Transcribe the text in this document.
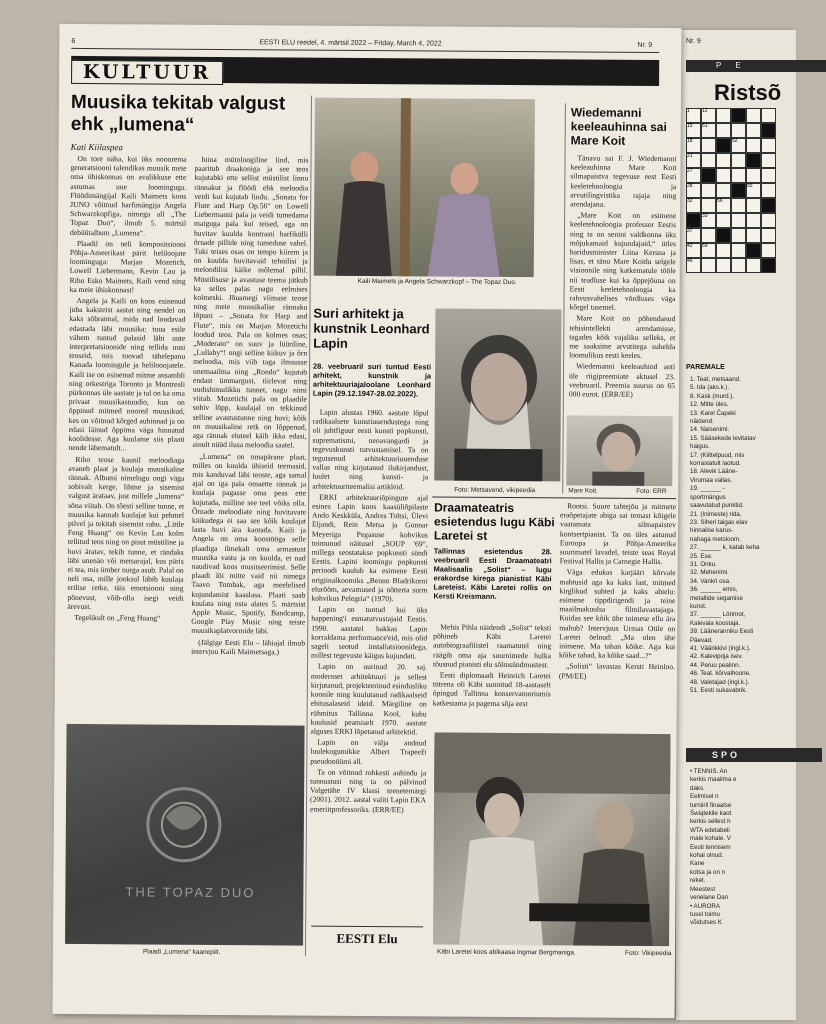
Nr. 9
P E
Ristsõ
1 12
15
18
21
27
28
32
33
37
42
46
51
52
55
56
59
PAREMALE
1. Teat, metsaand.
5. Ida (aks.k.).
8. Kask (murd.).
12. Mitte üles.
13. Karel Čapeki
näidend.
14. Naisenimi.
15. Sääsekede levitatav
haigus.
17. (Kiittelpuud, mis
korrastatult laotud.
18. Alevik Lääne-
Virumaa vallas.
19. ______ -
sportmängus
saavutatud punktid.
21. (Inimeste) rida.
23. Siheri taigas elav
hinnalise karus-
nahaga metsloom.
27. ______ k, katab keha
25. Ese.
31. Onku.
32. Mehenimi.
34. Vankri osa.
36. ______ emis,
metallide segamise
kunst.
37. ______ Lönnrot,
Kalevala koostaja.
39. Lääneranniku Eesti
Päevad.
41. Väärikkivi (ingl.k.).
42. Kalevipoja isev.
44. Peruu pealinn.
46. Teat. kõrvalhoone.
48. Valetajad (ingl.k.).
51. Eesti sukavabrik.
SPO
• TENNIS. An
kerkis maailma e
daks.
Eelmisel n
turniiril finaalse
Świątekile kaot
kerkis sellest h
WTA edetabeli
male kohale. V
Eesti tennisem
kohal olnud.
Kane
kotsa ja on n
reket.
Meestest
venelane Dan
• AURORA
tusel toimu
võidutses K
6	EESTI ELU reedel, 4. märtsil 2022 – Friday, March 4, 2022	Nr. 9
KULTUUR
Muusika tekitab valgust ehk „lumena“
Kati Kiilaspea

On tore näha, kui üks nooorema generatsiooni talendikas muusik meie oma ühiskonnas on avalikkuse ette astumas uue loominguga. Flöödimängijal Kaili Maimets koos JUNO võitnud harfimängija Angela Schwarzkopfiga, nimega all „The Topaz Duo“, ilmub 5. märtsil debüütalbum „Lumena“.

Plaadil on neli kompositsiooni Põhja-Ameerikast pärit heliloojate loominguga: Marjan Mozetich, Lowell Liebermann, Kevin Lau ja Riho Esko Maimets, Kaili vend ning ka meie ühiskonnast!

Angela ja Kaili on koos esinenud juba kaksteist aastat ning nendel on kaks sõbrannal, mida nad loodavad edastada läbi muusika: tuua esile vähem tuntud palasid läbi uute interpretatsioonide ning tellida uusi teoseid, mis toovad tähelepanu Kanada loomingule ja helilooojatele. Kaili ise on esinenud mitme ansambli ning orkestriga Toronto ja Montreali pürkonnas üle aastate ja tal on ka oma privaat muusikastuudio, kus on õppinud mitmed noored muusikud, kes on võitnud kõrged auhinnad ja on edasi läinud õppima väga hinnatud koolidesse. Aga kuulame siis plaati nende läbematult...

Riho teose kaunil meloodiaga avaneb plaat ja kuulaja muusikaline rännak. Albumi nimelugu ongi väga sobivalt kerge, lihtne ja sisemist valgust ärataav, just millele „lumena“ sõna viitab. On tõesti selline tunne, et muusika kannab kuulajat kui pehmel pilvel ja tekitab sisemist rahu. „Little Feng Huang“ on Kevin Lau kolm tellitud teos ning on pisut müstiline ja huvi äratav, tekib tunne, et rändaks läbi unenäo või metsarajal, kus päris ei tea, mis ümber nurga asub. Palal on neli osa, mille jooksul läbib kuulaja erilise retke, täis emotsiooni ning põnevust, võib-olla isegi veidi ärevust.

Tegelikult on „Feng Huang“

hiina mütoloogiline lind, mis paaritub draakoniga ja see teos kujutabki ette sellist müstilist linnu rännakut ja flöödi ehk meloodia veidi kui kujutab lindu. „Sonata for Flute and Harp Op.56“ on Lowell Liebermanni pala ja veidi tumedama maiguga pala kui teised, aga on huvitav kuulda kontrasti harfikülli õrnade pillide ning tumeduse vahel. Tuki teises osas on tempo kiirem ja on kuulda huvitavaid tehnilisi ja meloodilisi käike mõlemal pillil. Müstilisuse ja avastuse teema jätkub ka selles palas nagu eelmises kolmeski. Jõuamegi viimase teose ning meie muusikalise rännaku lõpuni – „Sonata for Harp and Flute“, mis on Marjan Mozetichi loodud teos. Pala on kolmes osas; „Moderato“ on suuv ja lüüriline, „Lullaby“! ongi selline kiikuv ja õrn meloodia, mis viib taga ilmsusse unemaailma ning „Rondo“ kujutab endast ümmargust, tiirlevat ning uudishimulikku tunnet, nagu nimi viitab. Mozetichi pala on plaadile sobiv lõpp, kuulajal on tekkinud selline avastustunne ning huvi; kõik on muusikaline retk on lõppenud, aga rännak eluteel käib ikka edasi, ainult nüüd ilusa meloodia saatel.

„Lumena“ on omapärane plaat, milles on kuulda ühiseid teemasid, mis kanduvad läbi teoste, aga samal ajal on iga pala omaette rännak ja kuulaja pagasse oma peas ette kujutada, milline see teel võiks olla. Õrnade meloodiate ning huvitavate käikudega ei saa see kõik kuulajat lasta huvi ära kaotada. Kaili ja Angela on oma koostööga selle plaadiga ilmekalt oma armastust muusika vastu ja on kuulda, et nad naudivad koos musitseerimist. Selle plaadi lõi mitte vaid nii nimega Taavo Tombak, aga meelelised kujundamist kaaslasa. Plaati saab kuulata ning osta alates 5. märtsist Apple Music, Spotify, Bandcamp, Google Play Music ning teiste muusikaplatvormide läbi.

(Jälgige Eesti Elu – lähiajal ilmub intervjuu Kaili Maimetsaga.)

THE TOPAZ DUO
Plaadi „Lumena“ kaanepilt.
Kaili Maimets ja Angela Schwarzkopf – The Topaz Duo.
Suri arhitekt ja kunstnik Leonhard Lapin
28. veebruaril suri tuntud Eesti arhitekt, kunstnik ja arhitektuuriajaloolane Leonhard Lapin (29.12.1947-28.02.2022).

Lapin alustas 1960. aastate lõpul radikaalsete kunstiuuendustega ning oli juhtfiguur eesti kunsti popkunsti, suprematismi, neoavangardi ja tegevuskunsti tutvustamisel. Ta on tegutsenud arhitektuuriuuenduse vallas ning kirjutanud ilukirjandust, luulet ning kunsti- ja arhitektuuriteemalisi artikleid.

ERKI arhitektuuriõpingute ajal esines Lapin koos kaasüliõpilaste Ando Keskküla, Andres Toltsi, Ülevi Eljandi, Rein Metsa ja Gunnar Meyeriga Pegasuse kohvikus toimunud näitusel „SOUP '69“, millega seostatakse popkunsti sündi Eestis. Lapini loomingu popkunsti perioodi kuulub ka esimene Eesti origiinalkoomiks „Benno Bladrikorni elurõõm, aevamused ja nõtterta surm kohvikus Pelegria“ (1970).

Lapin on tuntud kui üks happening'i esmatutvustajaid Eestis. 1990. aastatel hakkas Lapin korraldama performance'eid, mis olid sageli seotud installatsioonidega, millest tegevuste käigus kujundati.

Lapin on uurinud 20. saj. modernset arhitektuuri ja sellest kirjutanud, projekteerinud esindusliku koonile ning kuulutanud radikaalseid ehitusalaseid ideid. Märgiline on rühmitus Tallinna Kool, kuhu kuulusid peamiselt 1970. aastate alguses ERKI lõpetanud arhitektid.

Lapin on välja andnud luulekogumikke Albert Trapeeži pseudonüümi all.

Ta on võitnud rohkesti auhindu ja tunnustusi ning ta on pälvinud Valgetähe IV klassi teenetemärgi (2001). 2012. aastal valiti Lapin EKA emeriitprofessoriks. (ERR/EE)

Foto: Metsavend, vikipeedia
Wiedemanni keeleauhinna sai Mare Koit

Tänavu sai F. J. Wiedemanni keeleauhinna Mare Koit silmapaistva tegevuse eest Eesti keeletehnoloogia ja arvutilingvistika rajaja ning arendajana.

„Mare Koit on esimene keeletehnoloogia professor Eestis ning ta on senini valdkonna üks mõjukamaid kujundajaid,“ ütles haridusminister Liina Kersna ja lisas, et tänu Mare Koidu selgele visioonile ning katkematule tööle nii teadluse kui ka õppejõuna on Eesti keeletehnoloogia ka rahvusvahelises võrdluses väga kõrgel tasemel.

Mare Koit on põhendanud tehisintellekti arendamisse, tagades kõik vajaliku selleks, et me saaksime arvutitega suhelda loomulikus eesti keeles.

Wiedemanni keeleauhind anti üle riigipreemiate aktusel 23. veebruaril. Preemia suurus on 65 000 eurot. (ERR/EE)

Mare Koit.	Foto: ERR
Draamateatris esietendus lugu Käbi Laretei st
Tallinnas esietendus 28. veebruaril Eesti Draamateatri Maalisaalis „Solist“ – lugu erakordse kirega pianistist Käbi Lareteist. Käbi Laretei rollis on Kersti Kreismann.

Mehis Pihla näidendi „Solist“ teksti põhineb Käbi Laretei autobiograafilistel raamatutel ning räägib oma aja suurnimede hulka tõusnud pianisti elu sõlmsündmustest.

Eesti diplomaadi Heinrich Laretei tütrena oli Käbi sunnitud 18-aastaselt õpingud Tallinna konservatooriumis katkestama ja pagema sõja eest

Rootsi. Suure tahtejõu ja mitmete eraõpetajate abiga sai temast kõigele vaatamata silmapaistev kontsertpianist. Ta on üles astunud Euroopa ja Põhja-Ameerika suurimatel lavadel, teiste seas Royal Festival Hallis ja Carnegie Hallis.

Väga edukas karjääri kõrvale mahtusid aga ka kaks last, mitmed kirglikud suhted ja kaks abielu: esimene tippdirigendi ja teine maailmakuulsa filmilavastajaga. Kuidas see kõik ühe inimese ellu ära mahub? Intervjuus Urmas Otile on Laretei öelnud: „Ma olen ühe inimene. Ma tahan kõike. Aga kui kõike tahad, ka kõike saad...?“

„Solisti“ lavastas Kersti Heinloo. (PM/EE)

Käbi Laretei koos abikaasa Ingmar Bergmaniga.	Foto: Vikipeedia
EESTI Elu
